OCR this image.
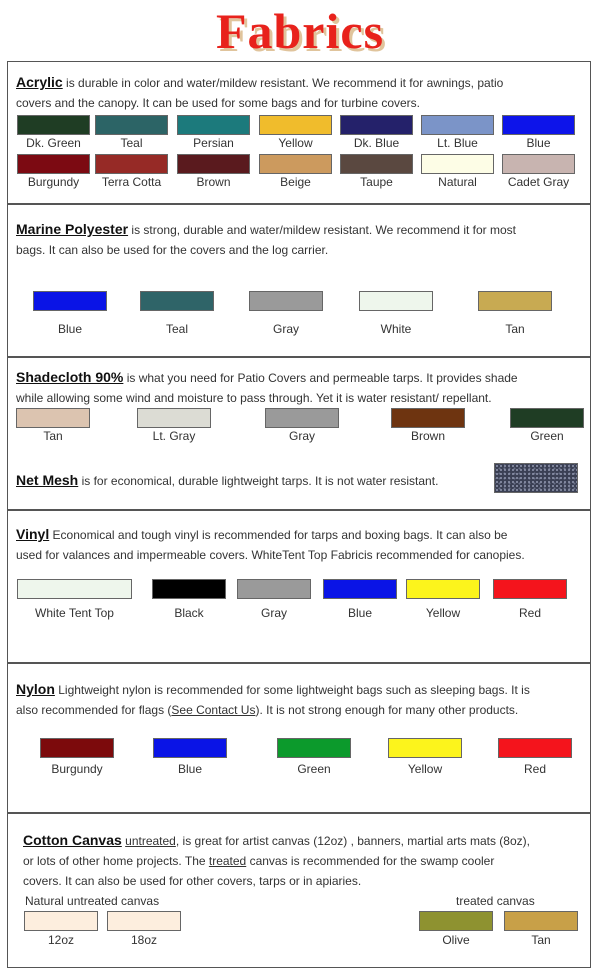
Fabrics
Acrylic is durable in color and water/mildew resistant. We recommend it for awnings, patio
covers and the canopy. It can be used for some bags and for turbine covers.
Dk. Green	Teal	Persian	Yellow	Dk. Blue	Lt. Blue	Blue
Burgundy	Terra Cotta	Brown	Beige	Taupe	Natural	Cadet Gray
Marine Polyester is strong, durable and water/mildew resistant. We recommend it for most
bags. It can also be used for the covers and the log carrier.
Blue	Teal	Gray	White	Tan
Shadecloth 90% is what you need for Patio Covers and permeable tarps. It provides shade
while allowing some wind and moisture to pass through. Yet it is water resistant/ repellant.
Tan	Lt. Gray	Gray	Brown	Green
Net Mesh is for economical, durable lightweight tarps. It is not water resistant.
Vinyl Economical and tough vinyl is recommended for tarps and boxing bags. It can also be
used for valances and impermeable covers. WhiteTent Top Fabricis recommended for canopies.
White Tent Top	Black	Gray	Blue	Yellow	Red
Nylon Lightweight nylon is recommended for some lightweight bags such as sleeping bags. It is
also recommended for flags (See Contact Us). It is not strong enough for many other products.
Burgundy	Blue	Green	Yellow	Red
Cotton Canvas untreated, is great for artist canvas (12oz) , banners, martial arts mats (8oz),
or lots of other home projects. The treated canvas is recommended for the swamp cooler
covers. It can also be used for other covers, tarps or in apiaries.
Natural untreated canvas	treated canvas
12oz	18oz	Olive	Tan
